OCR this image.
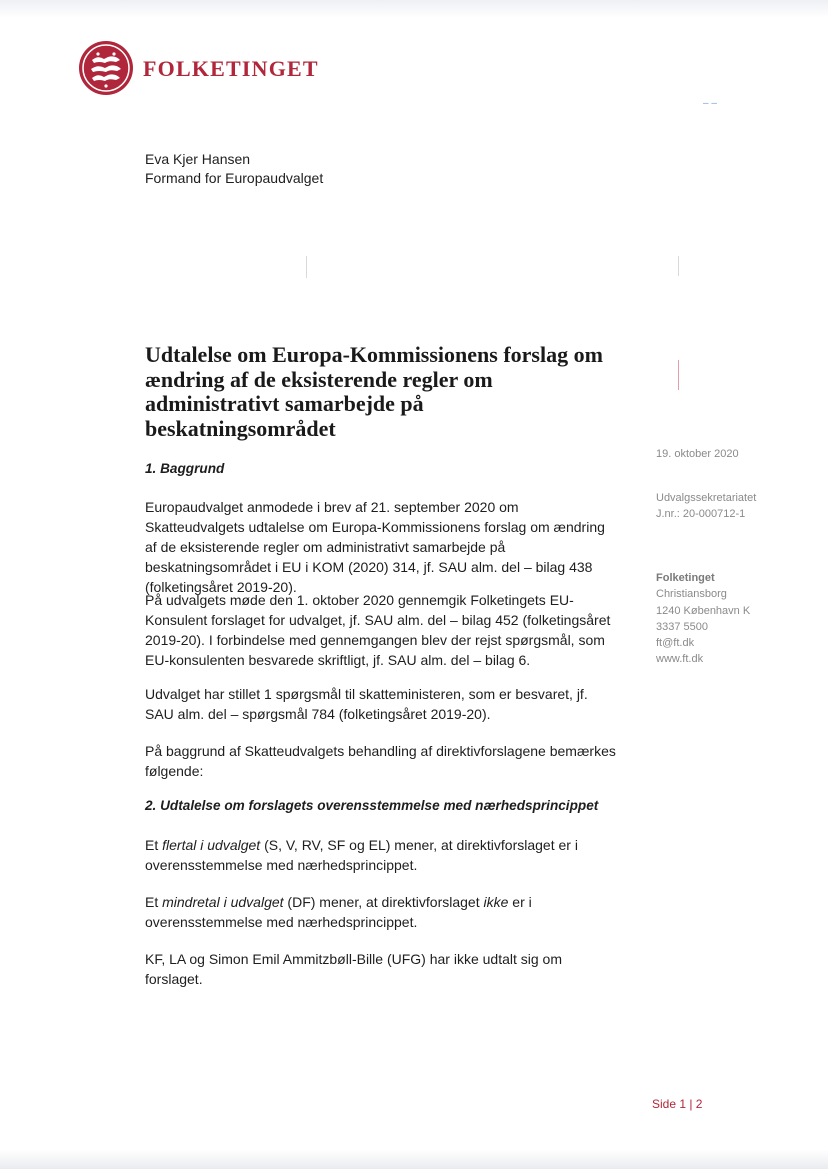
FOLKETINGET
‒ ‒
Eva Kjer Hansen
Formand for Europaudvalget
Udtalelse om Europa-Kommissionens forslag om ændring af de eksisterende regler om administrativt samarbejde på beskatningsområdet
1. Baggrund
Europaudvalget anmodede i brev af 21. september 2020 om Skatteudvalgets udtalelse om Europa-Kommissionens forslag om ændring af de eksisterende regler om administrativt samarbejde på beskatningsområdet i EU i KOM (2020) 314, jf. SAU alm. del – bilag 438 (folketingsåret 2019-20).
På udvalgets møde den 1. oktober 2020 gennemgik Folketingets EU-Konsulent forslaget for udvalget, jf. SAU alm. del – bilag 452 (folketingsåret 2019-20). I forbindelse med gennemgangen blev der rejst spørgsmål, som EU-konsulenten besvarede skriftligt, jf. SAU alm. del – bilag 6.
Udvalget har stillet 1 spørgsmål til skatteministeren, som er besvaret, jf. SAU alm. del – spørgsmål 784 (folketingsåret 2019-20).
På baggrund af Skatteudvalgets behandling af direktivforslagene bemærkes følgende:
2. Udtalelse om forslagets overensstemmelse med nærhedsprincippet
Et flertal i udvalget (S, V, RV, SF og EL) mener, at direktivforslaget er i overensstemmelse med nærhedsprincippet.
Et mindretal i udvalget (DF) mener, at direktivforslaget ikke er i overensstemmelse med nærhedsprincippet.
KF, LA og Simon Emil Ammitzbøll-Bille (UFG) har ikke udtalt sig om forslaget.
19. oktober 2020
Udvalgssekretariatet
J.nr.: 20-000712-1
Folketinget
Christiansborg
1240 København K
3337 5500
ft@ft.dk
www.ft.dk
Side 1 | 2
